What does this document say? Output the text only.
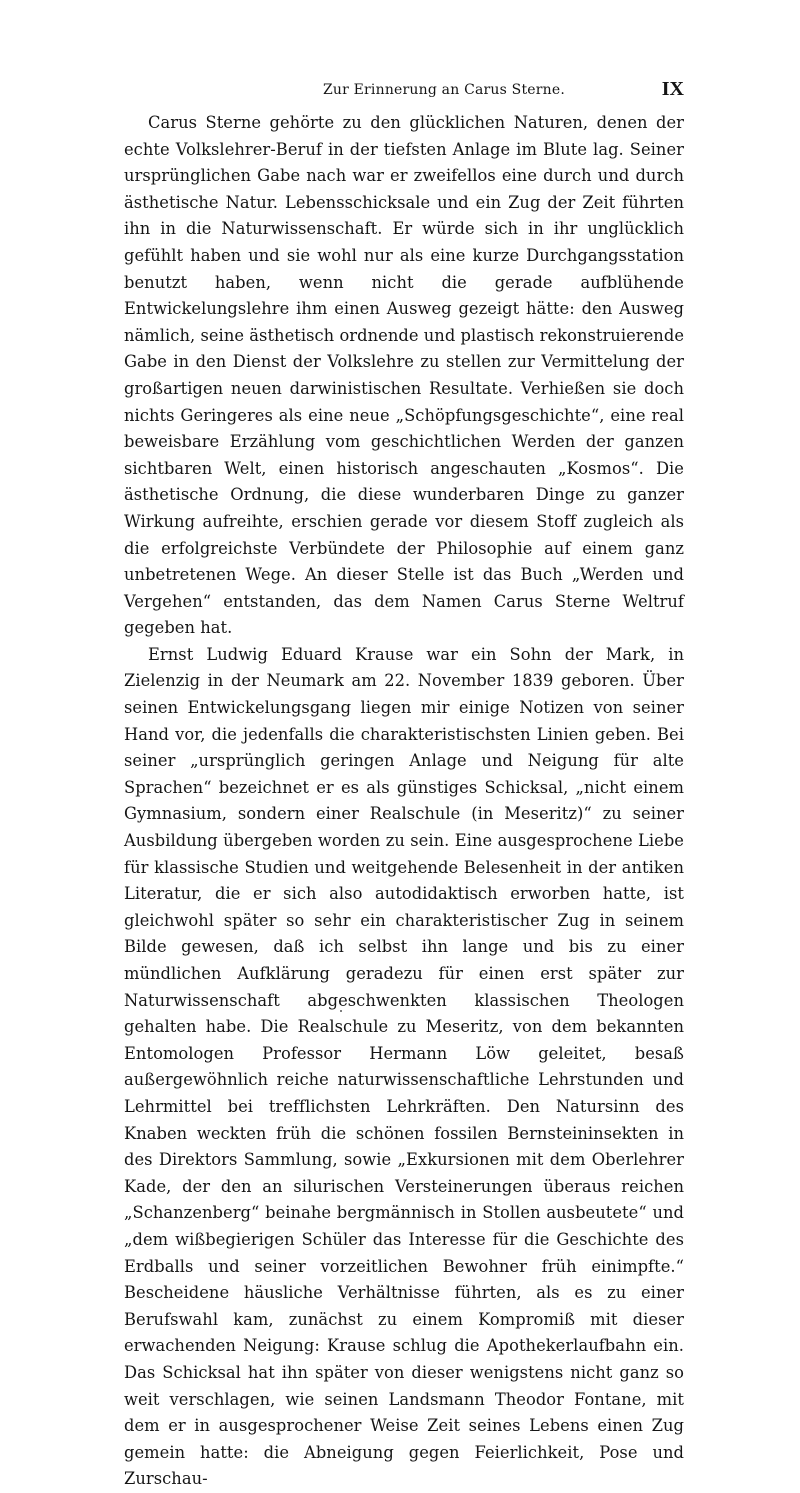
Zur Erinnerung an Carus Sterne.	IX

Carus Sterne gehörte zu den glücklichen Naturen, denen der echte Volkslehrer-Beruf in der tiefsten Anlage im Blute lag. Seiner ursprünglichen Gabe nach war er zweifellos eine durch und durch ästhetische Natur. Lebensschicksale und ein Zug der Zeit führten ihn in die Naturwissenschaft. Er würde sich in ihr unglücklich gefühlt haben und sie wohl nur als eine kurze Durchgangsstation benutzt haben, wenn nicht die gerade aufblühende Entwickelungslehre ihm einen Ausweg gezeigt hätte: den Ausweg nämlich, seine ästhetisch ordnende und plastisch rekonstruierende Gabe in den Dienst der Volkslehre zu stellen zur Vermittelung der großartigen neuen darwinistischen Resultate. Verhießen sie doch nichts Geringeres als eine neue „Schöpfungsgeschichte“, eine real beweisbare Erzählung vom geschichtlichen Werden der ganzen sichtbaren Welt, einen historisch angeschauten „Kosmos“. Die ästhetische Ordnung, die diese wunderbaren Dinge zu ganzer Wirkung aufreihte, erschien gerade vor diesem Stoff zugleich als die erfolgreichste Verbündete der Philosophie auf einem ganz unbetretenen Wege. An dieser Stelle ist das Buch „Werden und Vergehen“ entstanden, das dem Namen Carus Sterne Weltruf gegeben hat.

Ernst Ludwig Eduard Krause war ein Sohn der Mark, in Zielenzig in der Neumark am 22. November 1839 geboren. Über seinen Entwickelungsgang liegen mir einige Notizen von seiner Hand vor, die jedenfalls die charakteristischsten Linien geben. Bei seiner „ursprünglich geringen Anlage und Neigung für alte Sprachen“ bezeichnet er es als günstiges Schicksal, „nicht einem Gymnasium, sondern einer Realschule (in Meseritz)“ zu seiner Ausbildung übergeben worden zu sein. Eine ausgesprochene Liebe für klassische Studien und weitgehende Belesenheit in der antiken Literatur, die er sich also autodidaktisch erworben hatte, ist gleichwohl später so sehr ein charakteristischer Zug in seinem Bilde gewesen, daß ich selbst ihn lange und bis zu einer mündlichen Aufklärung geradezu für einen erst später zur Naturwissenschaft abgeschwenkten klassischen Theologen gehalten habe. Die Realschule zu Meseritz, von dem bekannten Entomologen Professor Hermann Löw geleitet, besaß außergewöhnlich reiche naturwissenschaftliche Lehrstunden und Lehrmittel bei trefflichsten Lehrkräften. Den Natursinn des Knaben weckten früh die schönen fossilen Bernsteininsekten in des Direktors Sammlung, sowie „Exkursionen mit dem Oberlehrer Kade, der den an silurischen Versteinerungen überaus reichen „Schanzenberg“ beinahe bergmännisch in Stollen ausbeutete“ und „dem wißbegierigen Schüler das Interesse für die Geschichte des Erdballs und seiner vorzeitlichen Bewohner früh einimpfte.“ Bescheidene häusliche Verhältnisse führten, als es zu einer Berufswahl kam, zunächst zu einem Kompromiß mit dieser erwachenden Neigung: Krause schlug die Apothekerlaufbahn ein. Das Schicksal hat ihn später von dieser wenigstens nicht ganz so weit verschlagen, wie seinen Landsmann Theodor Fontane, mit dem er in ausgesprochener Weise Zeit seines Lebens einen Zug gemein hatte: die Abneigung gegen Feierlichkeit, Pose und Zurschau-
